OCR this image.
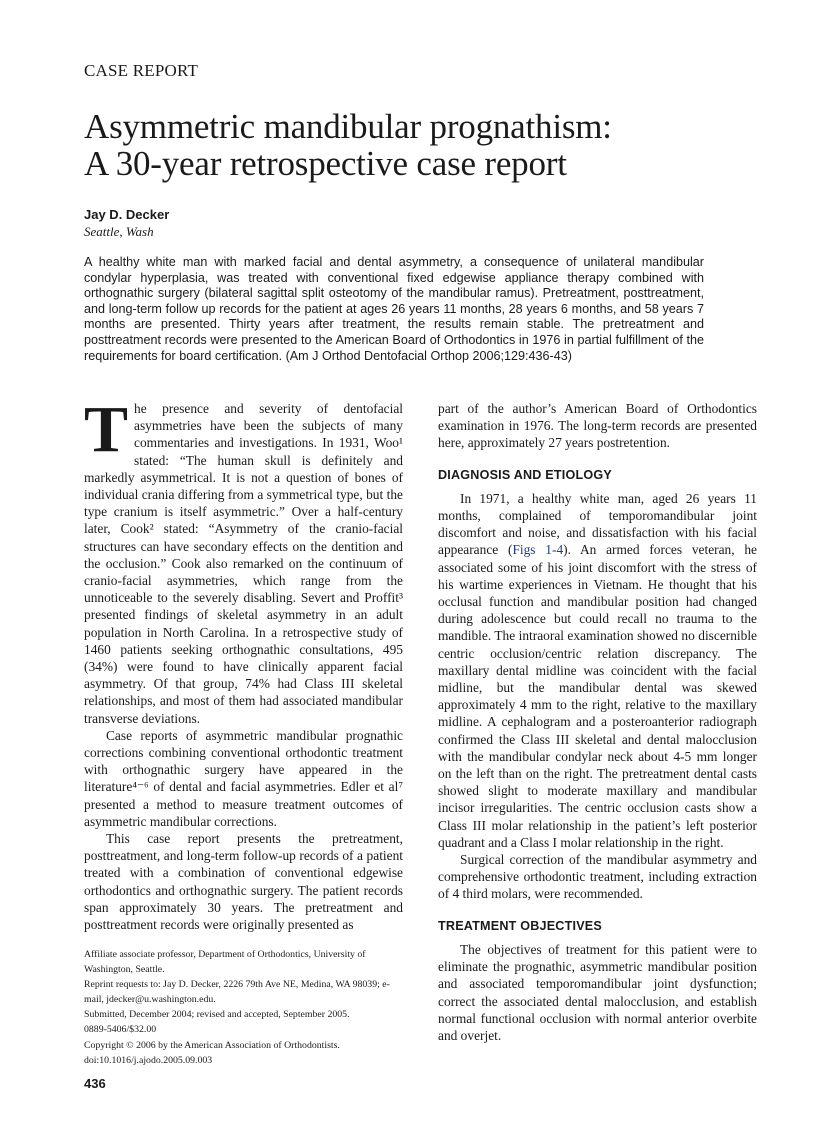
CASE REPORT
Asymmetric mandibular prognathism:
A 30-year retrospective case report
Jay D. Decker
Seattle, Wash

A healthy white man with marked facial and dental asymmetry, a consequence of unilateral mandibular condylar hyperplasia, was treated with conventional fixed edgewise appliance therapy combined with orthognathic surgery (bilateral sagittal split osteotomy of the mandibular ramus). Pretreatment, posttreatment, and long-term follow up records for the patient at ages 26 years 11 months, 28 years 6 months, and 58 years 7 months are presented. Thirty years after treatment, the results remain stable. The pretreatment and posttreatment records were presented to the American Board of Orthodontics in 1976 in partial fulfillment of the requirements for board certification. (Am J Orthod Dentofacial Orthop 2006;129:436-43)

The presence and severity of dentofacial asymmetries have been the subjects of many commentaries and investigations. In 1931, Woo¹ stated: “The human skull is definitely and markedly asymmetrical. It is not a question of bones of individual crania differing from a symmetrical type, but the type cranium is itself asymmetric.” Over a half-century later, Cook² stated: “Asymmetry of the cranio-facial structures can have secondary effects on the dentition and the occlusion.” Cook also remarked on the continuum of cranio-facial asymmetries, which range from the unnoticeable to the severely disabling. Severt and Proffit³ presented findings of skeletal asymmetry in an adult population in North Carolina. In a retrospective study of 1460 patients seeking orthognathic consultations, 495 (34%) were found to have clinically apparent facial asymmetry. Of that group, 74% had Class III skeletal relationships, and most of them had associated mandibular transverse deviations.

Case reports of asymmetric mandibular prognathic corrections combining conventional orthodontic treatment with orthognathic surgery have appeared in the literature⁴⁻⁶ of dental and facial asymmetries. Edler et al⁷ presented a method to measure treatment outcomes of asymmetric mandibular corrections.

This case report presents the pretreatment, posttreatment, and long-term follow-up records of a patient treated with a combination of conventional edgewise orthodontics and orthognathic surgery. The patient records span approximately 30 years. The pretreatment and posttreatment records were originally presented as

part of the author’s American Board of Orthodontics examination in 1976. The long-term records are presented here, approximately 27 years postretention.

DIAGNOSIS AND ETIOLOGY

In 1971, a healthy white man, aged 26 years 11 months, complained of temporomandibular joint discomfort and noise, and dissatisfaction with his facial appearance (Figs 1-4). An armed forces veteran, he associated some of his joint discomfort with the stress of his wartime experiences in Vietnam. He thought that his occlusal function and mandibular position had changed during adolescence but could recall no trauma to the mandible. The intraoral examination showed no discernible centric occlusion/centric relation discrepancy. The maxillary dental midline was coincident with the facial midline, but the mandibular dental was skewed approximately 4 mm to the right, relative to the maxillary midline. A cephalogram and a posteroanterior radiograph confirmed the Class III skeletal and dental malocclusion with the mandibular condylar neck about 4-5 mm longer on the left than on the right. The pretreatment dental casts showed slight to moderate maxillary and mandibular incisor irregularities. The centric occlusion casts show a Class III molar relationship in the patient’s left posterior quadrant and a Class I molar relationship in the right.

Surgical correction of the mandibular asymmetry and comprehensive orthodontic treatment, including extraction of 4 third molars, were recommended.

TREATMENT OBJECTIVES

The objectives of treatment for this patient were to eliminate the prognathic, asymmetric mandibular position and associated temporomandibular joint dysfunction; correct the associated dental malocclusion, and establish normal functional occlusion with normal anterior overbite and overjet.

Affiliate associate professor, Department of Orthodontics, University of Washington, Seattle.
Reprint requests to: Jay D. Decker, 2226 79th Ave NE, Medina, WA 98039; e-mail, jdecker@u.washington.edu.
Submitted, December 2004; revised and accepted, September 2005.
0889-5406/$32.00
Copyright © 2006 by the American Association of Orthodontists.
doi:10.1016/j.ajodo.2005.09.003
436
